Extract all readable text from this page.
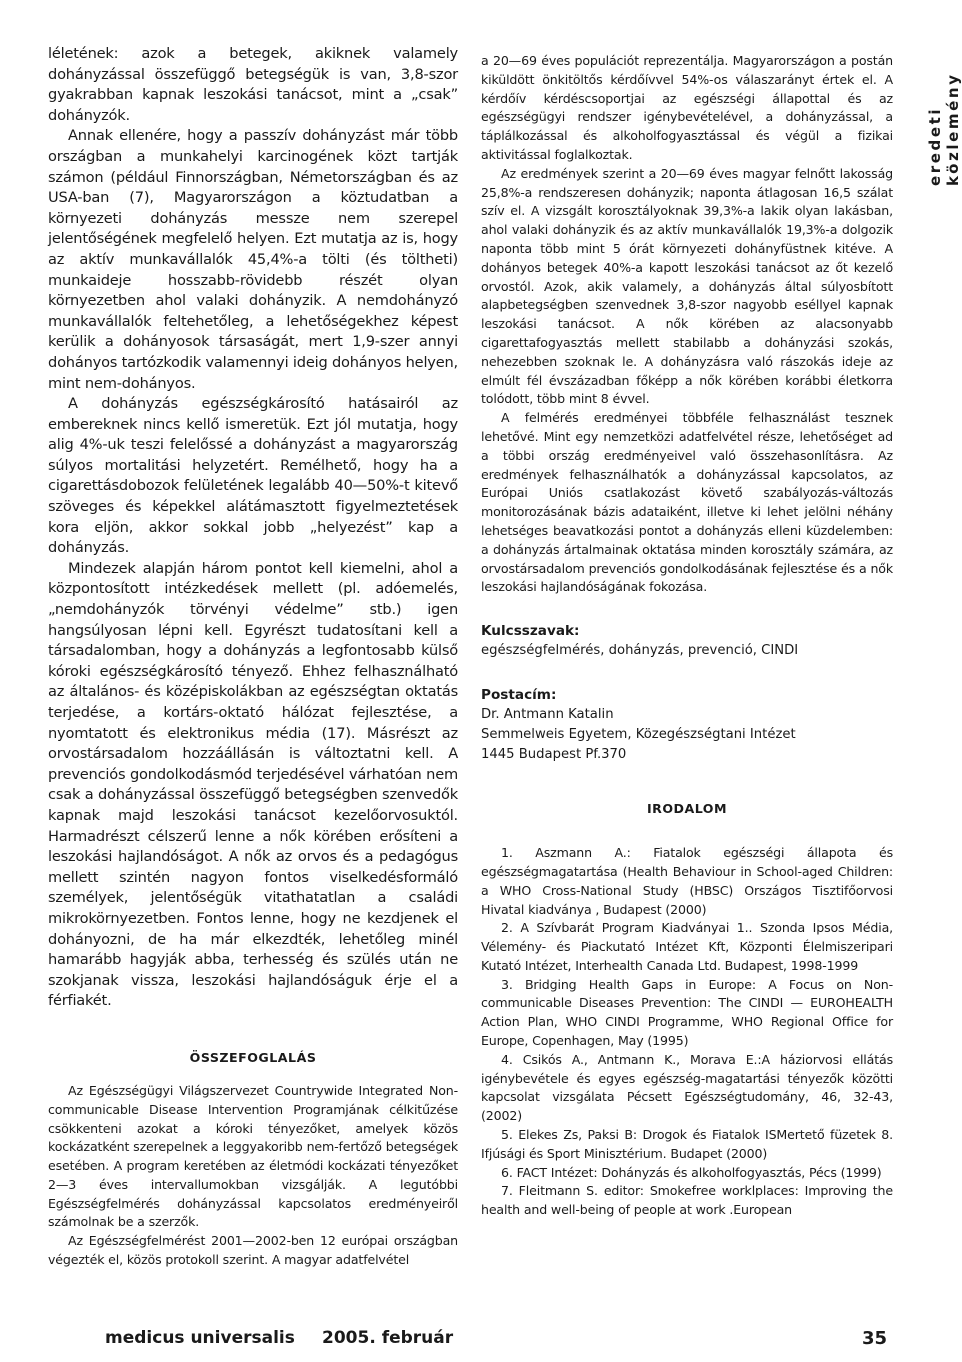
eredeti közlemény

léletének: azok a betegek, akiknek valamely dohányzással összefüggő betegségük is van, 3,8-szor gyakrabban kapnak leszokási tanácsot, mint a „csak” dohányzók.

Annak ellenére, hogy a passzív dohányzást már több országban a munkahelyi karcinogének közt tartják számon (például Finnországban, Németországban és az USA-ban (7), Magyarországon a köztudatban a környezeti dohányzás messze nem szerepel jelentőségének megfelelő helyen. Ezt mutatja az is, hogy az aktív munkavállalók 45,4%-a tölti (és töltheti) munkaideje hosszabb-rövidebb részét olyan környezetben ahol valaki dohányzik. A nemdohányzó munkavállalók feltehetőleg, a lehetőségekhez képest kerülik a dohányosok társaságát, mert 1,9-szer annyi dohányos tartózkodik valamennyi ideig dohányos helyen, mint nem-dohányos.

A dohányzás egészségkárosító hatásairól az embereknek nincs kellő ismeretük. Ezt jól mutatja, hogy alig 4%-uk teszi felelőssé a dohányzást a magyarország súlyos mortalitási helyzetért. Remélhető, hogy ha a cigarettásdobozok felületének legalább 40—50%-t kitevő szöveges és képekkel alátámasztott figyelmeztetések kora eljön, akkor sokkal jobb „helyezést” kap a dohányzás.

Mindezek alapján három pontot kell kiemelni, ahol a központosított intézkedések mellett (pl. adóemelés, „nemdohányzók törvényi védelme” stb.) igen hangsúlyosan lépni kell. Egyrészt tudatosítani kell a társadalomban, hogy a dohányzás a legfontosabb külső kóroki egészségkárosító tényező. Ehhez felhasználható az általános- és középiskolákban az egészségtan oktatás terjedése, a kortárs-oktató hálózat fejlesztése, a nyomtatott és elektronikus média (17). Másrészt az orvostársadalom hozzáállásán is változtatni kell. A prevenciós gondolkodásmód terjedésével várhatóan nem csak a dohányzással összefüggő betegségben szenvedők kapnak majd leszokási tanácsot kezelőorvosuktól. Harmadrészt célszerű lenne a nők körében erősíteni a leszokási hajlandóságot. A nők az orvos és a pedagógus mellett szintén nagyon fontos viselkedésformáló személyek, jelentőségük vitathatatlan a családi mikrokörnyezetben. Fontos lenne, hogy ne kezdjenek el dohányozni, de ha már elkezdték, lehetőleg minél hamarább hagyják abba, terhesség és szülés után ne szokjanak vissza, leszokási hajlandóságuk érje el a férfiakét.

ÖSSZEFOGLALÁS

Az Egészségügyi Világszervezet Countrywide Integrated Non-communicable Disease Intervention Programjának célkitűzése csökkenteni azokat a kóroki tényezőket, amelyek közös kockázatként szerepelnek a leggyakoribb nem-fertőző betegségek esetében. A program keretében az életmódi kockázati tényezőket 2—3 éves intervallumokban vizsgálják. A legutóbbi Egészségfelmérés dohányzással kapcsolatos eredményeiről számolnak be a szerzők.

Az Egészségfelmérést 2001—2002-ben 12 európai országban végezték el, közös protokoll szerint. A magyar adatfelvétel

a 20—69 éves populációt reprezentálja. Magyarországon a postán kiküldött önkitöltős kérdőívvel 54%-os válaszarányt értek el. A kérdőív kérdéscsoportjai az egészségi állapottal és az egészségügyi rendszer igénybevételével, a dohányzással, a táplálkozással és alkoholfogyasztással és végül a fizikai aktivitással foglalkoztak.

Az eredmények szerint a 20—69 éves magyar felnőtt lakosság 25,8%-a rendszeresen dohányzik; naponta átlagosan 16,5 szálat szív el. A vizsgált korosztályoknak 39,3%-a lakik olyan lakásban, ahol valaki dohányzik és az aktív munkavállalók 19,3%-a dolgozik naponta több mint 5 órát környezeti dohányfüstnek kitéve. A dohányos betegek 40%-a kapott leszokási tanácsot az őt kezelő orvostól. Azok, akik valamely, a dohányzás által súlyosbított alapbetegségben szenvednek 3,8-szor nagyobb eséllyel kapnak leszokási tanácsot. A nők körében az alacsonyabb cigarettafogyasztás mellett stabilabb a dohányzási szokás, nehezebben szoknak le. A dohányzásra való rászokás ideje az elmúlt fél évszázadban főképp a nők körében korábbi életkorra tolódott, több mint 8 évvel.

A felmérés eredményei többféle felhasználást tesznek lehetővé. Mint egy nemzetközi adatfelvétel része, lehetőséget ad a többi ország eredményeivel való összehasonlításra. Az eredmények felhasználhatók a dohányzással kapcsolatos, az Európai Uniós csatlakozást követő szabályozás-változás monitorozásának bázis adataiként, illetve ki lehet jelölni néhány lehetséges beavatkozási pontot a dohányzás elleni küzdelemben: a dohányzás ártalmainak oktatása minden korosztály számára, az orvostársadalom prevenciós gondolkodásának fejlesztése és a nők leszokási hajlandóságának fokozása.

Kulcsszavak:
egészségfelmérés, dohányzás, prevenció, CINDI
Postacím:
Dr. Antmann Katalin
Semmelweis Egyetem, Közegészségtani Intézet
1445 Budapest Pf.370
IRODALOM

1. Aszmann A.: Fiatalok egészségi állapota és egészségmagatartása (Health Behaviour in School-aged Children: a WHO Cross-National Study (HBSC) Országos Tisztifőorvosi Hivatal kiadványa , Budapest (2000)

2. A Szívbarát Program Kiadványai 1.. Szonda Ipsos Média, Vélemény- és Piackutató Intézet Kft, Központi Élelmiszeripari Kutató Intézet, Interhealth Canada Ltd. Budapest, 1998-1999

3. Bridging Health Gaps in Europe: A Focus on Non-communicable Diseases Prevention: The CINDI — EUROHEALTH Action Plan, WHO CINDI Programme, WHO Regional Office for Europe, Copenhagen, May (1995)

4. Csikós A., Antmann K., Morava E.:A háziorvosi ellátás igénybevétele és egyes egészség-magatartási tényezők közötti kapcsolat vizsgálata Pécsett Egészségtudomány, 46, 32-43, (2002)

5. Elekes Zs, Paksi B: Drogok és Fiatalok ISMertető füzetek 8. Ifjúsági és Sport Minisztérium. Budapet (2000)

6. FACT Intézet: Dohányzás és alkoholfogyasztás, Pécs (1999)

7. Fleitmann S. editor: Smokefree worklplaces: Improving the health and well-being of people at work .European

medicus universalis 2005. február	35
